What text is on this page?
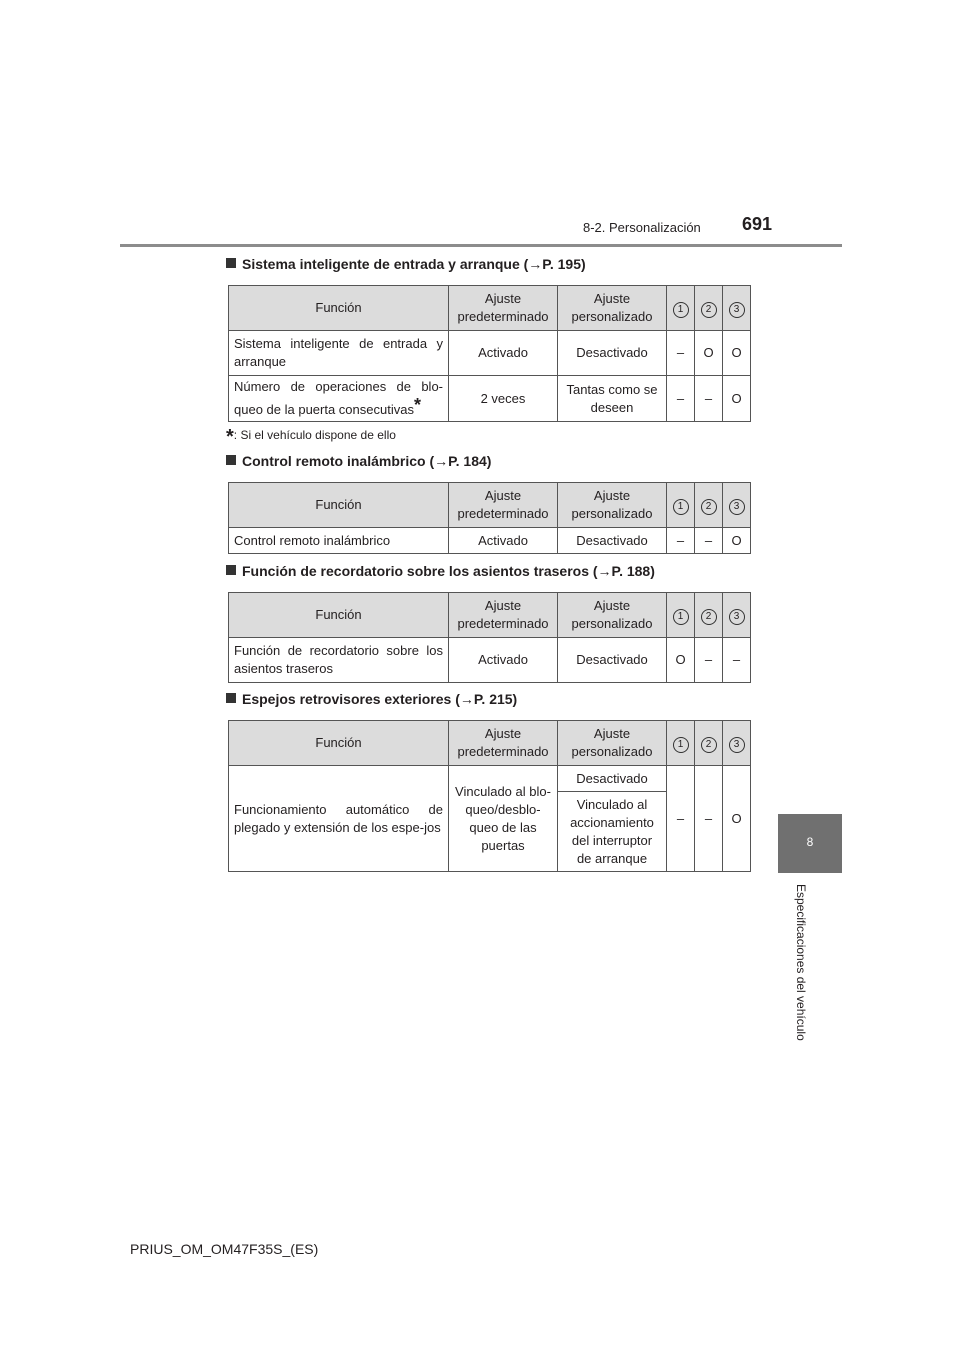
8-2. Personalización 691
8
Especificaciones del vehículo
Sistema inteligente de entrada y arranque (→P. 195)
Función	Ajuste predeterminado	Ajuste personalizado	1	2	3
Sistema inteligente de entrada y arranque	Activado	Desactivado	–	O	O
Número de operaciones de blo-queo de la puerta consecutivas*	2 veces	Tantas como se deseen	–	–	O
*: Si el vehículo dispone de ello
Control remoto inalámbrico (→P. 184)
Función	Ajuste predeterminado	Ajuste personalizado	1	2	3
Control remoto inalámbrico	Activado	Desactivado	–	–	O
Función de recordatorio sobre los asientos traseros (→P. 188)
Función	Ajuste predeterminado	Ajuste personalizado	1	2	3
Función de recordatorio sobre los asientos traseros	Activado	Desactivado	O	–	–
Espejos retrovisores exteriores (→P. 215)
Función	Ajuste predeterminado	Ajuste personalizado	1	2	3
Funcionamiento automático de plegado y extensión de los espe-jos	Vinculado al blo-queo/desblo-queo de las puertas	Desactivado	–	–	O
		Vinculado al accionamiento del interruptor de arranque			
PRIUS_OM_OM47F35S_(ES)
